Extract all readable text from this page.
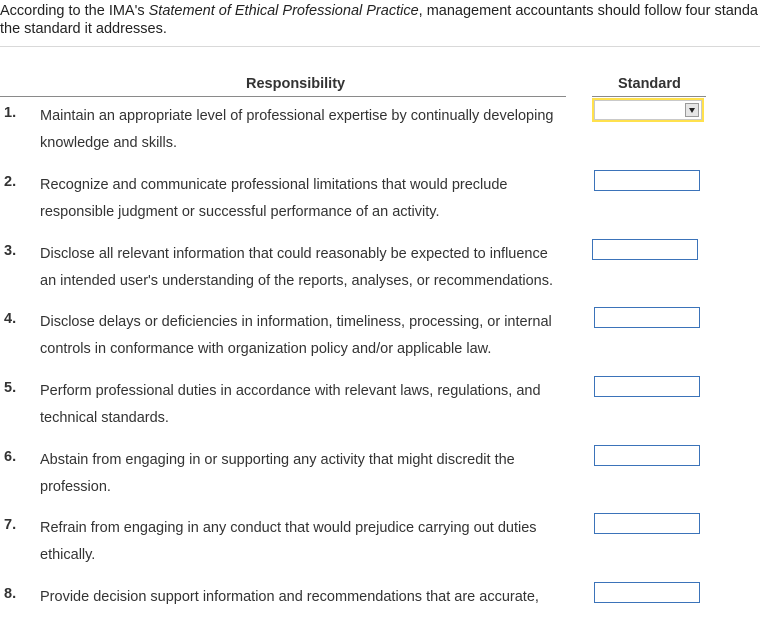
According to the IMA's Statement of Ethical Professional Practice, management accountants should follow four standa
the standard it addresses.
Responsibility	Standard
1. Maintain an appropriate level of professional expertise by continually developing
knowledge and skills.
2. Recognize and communicate professional limitations that would preclude
responsible judgment or successful performance of an activity.
3. Disclose all relevant information that could reasonably be expected to influence
an intended user's understanding of the reports, analyses, or recommendations.
4. Disclose delays or deficiencies in information, timeliness, processing, or internal
controls in conformance with organization policy and/or applicable law.
5. Perform professional duties in accordance with relevant laws, regulations, and
technical standards.
6. Abstain from engaging in or supporting any activity that might discredit the
profession.
7. Refrain from engaging in any conduct that would prejudice carrying out duties
ethically.
8. Provide decision support information and recommendations that are accurate,
